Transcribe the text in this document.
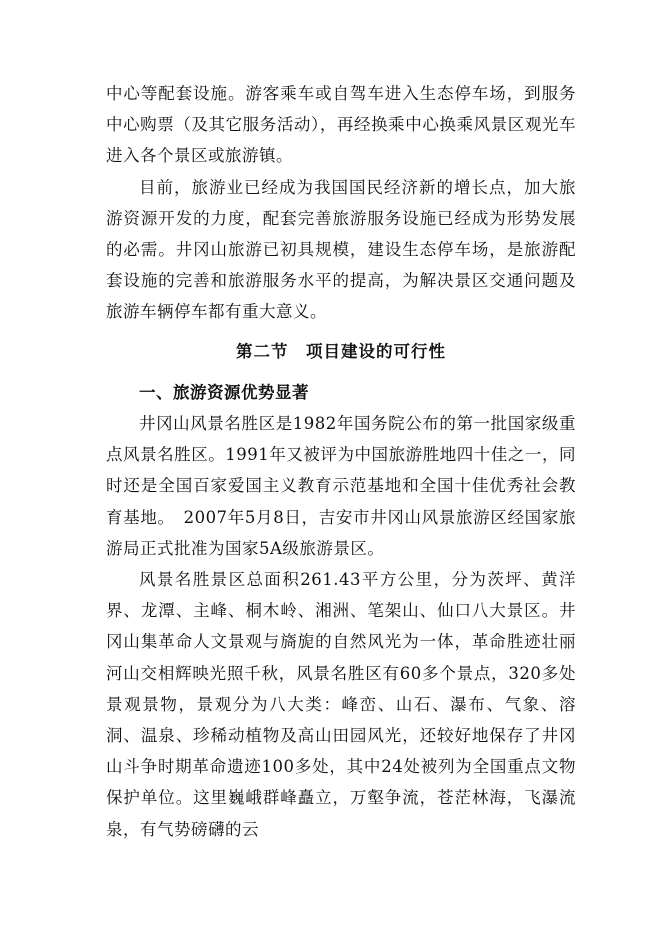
中心等配套设施。游客乘车或自驾车进入生态停车场，到服务中心购票（及其它服务活动），再经换乘中心换乘风景区观光车进入各个景区或旅游镇。

目前，旅游业已经成为我国国民经济新的增长点，加大旅游资源开发的力度，配套完善旅游服务设施已经成为形势发展的必需。井冈山旅游已初具规模，建设生态停车场，是旅游配套设施的完善和旅游服务水平的提高，为解决景区交通问题及旅游车辆停车都有重大意义。

第二节　项目建设的可行性
一、旅游资源优势显著

井冈山风景名胜区是1982年国务院公布的第一批国家级重点风景名胜区。1991年又被评为中国旅游胜地四十佳之一，同时还是全国百家爱国主义教育示范基地和全国十佳优秀社会教育基地。　2007年5月8日，吉安市井冈山风景旅游区经国家旅游局正式批准为国家5A级旅游景区。

风景名胜景区总面积261.43平方公里，分为茨坪、黄洋界、龙潭、主峰、桐木岭、湘洲、笔架山、仙口八大景区。井冈山集革命人文景观与旖旎的自然风光为一体，革命胜迹壮丽河山交相辉映光照千秋，风景名胜区有60多个景点，320多处景观景物，景观分为八大类：峰峦、山石、瀑布、气象、溶洞、温泉、珍稀动植物及高山田园风光，还较好地保存了井冈山斗争时期革命遗迹100多处，其中24处被列为全国重点文物保护单位。这里巍峨群峰矗立，万壑争流，苍茫林海，飞瀑流泉，有气势磅礴的云
